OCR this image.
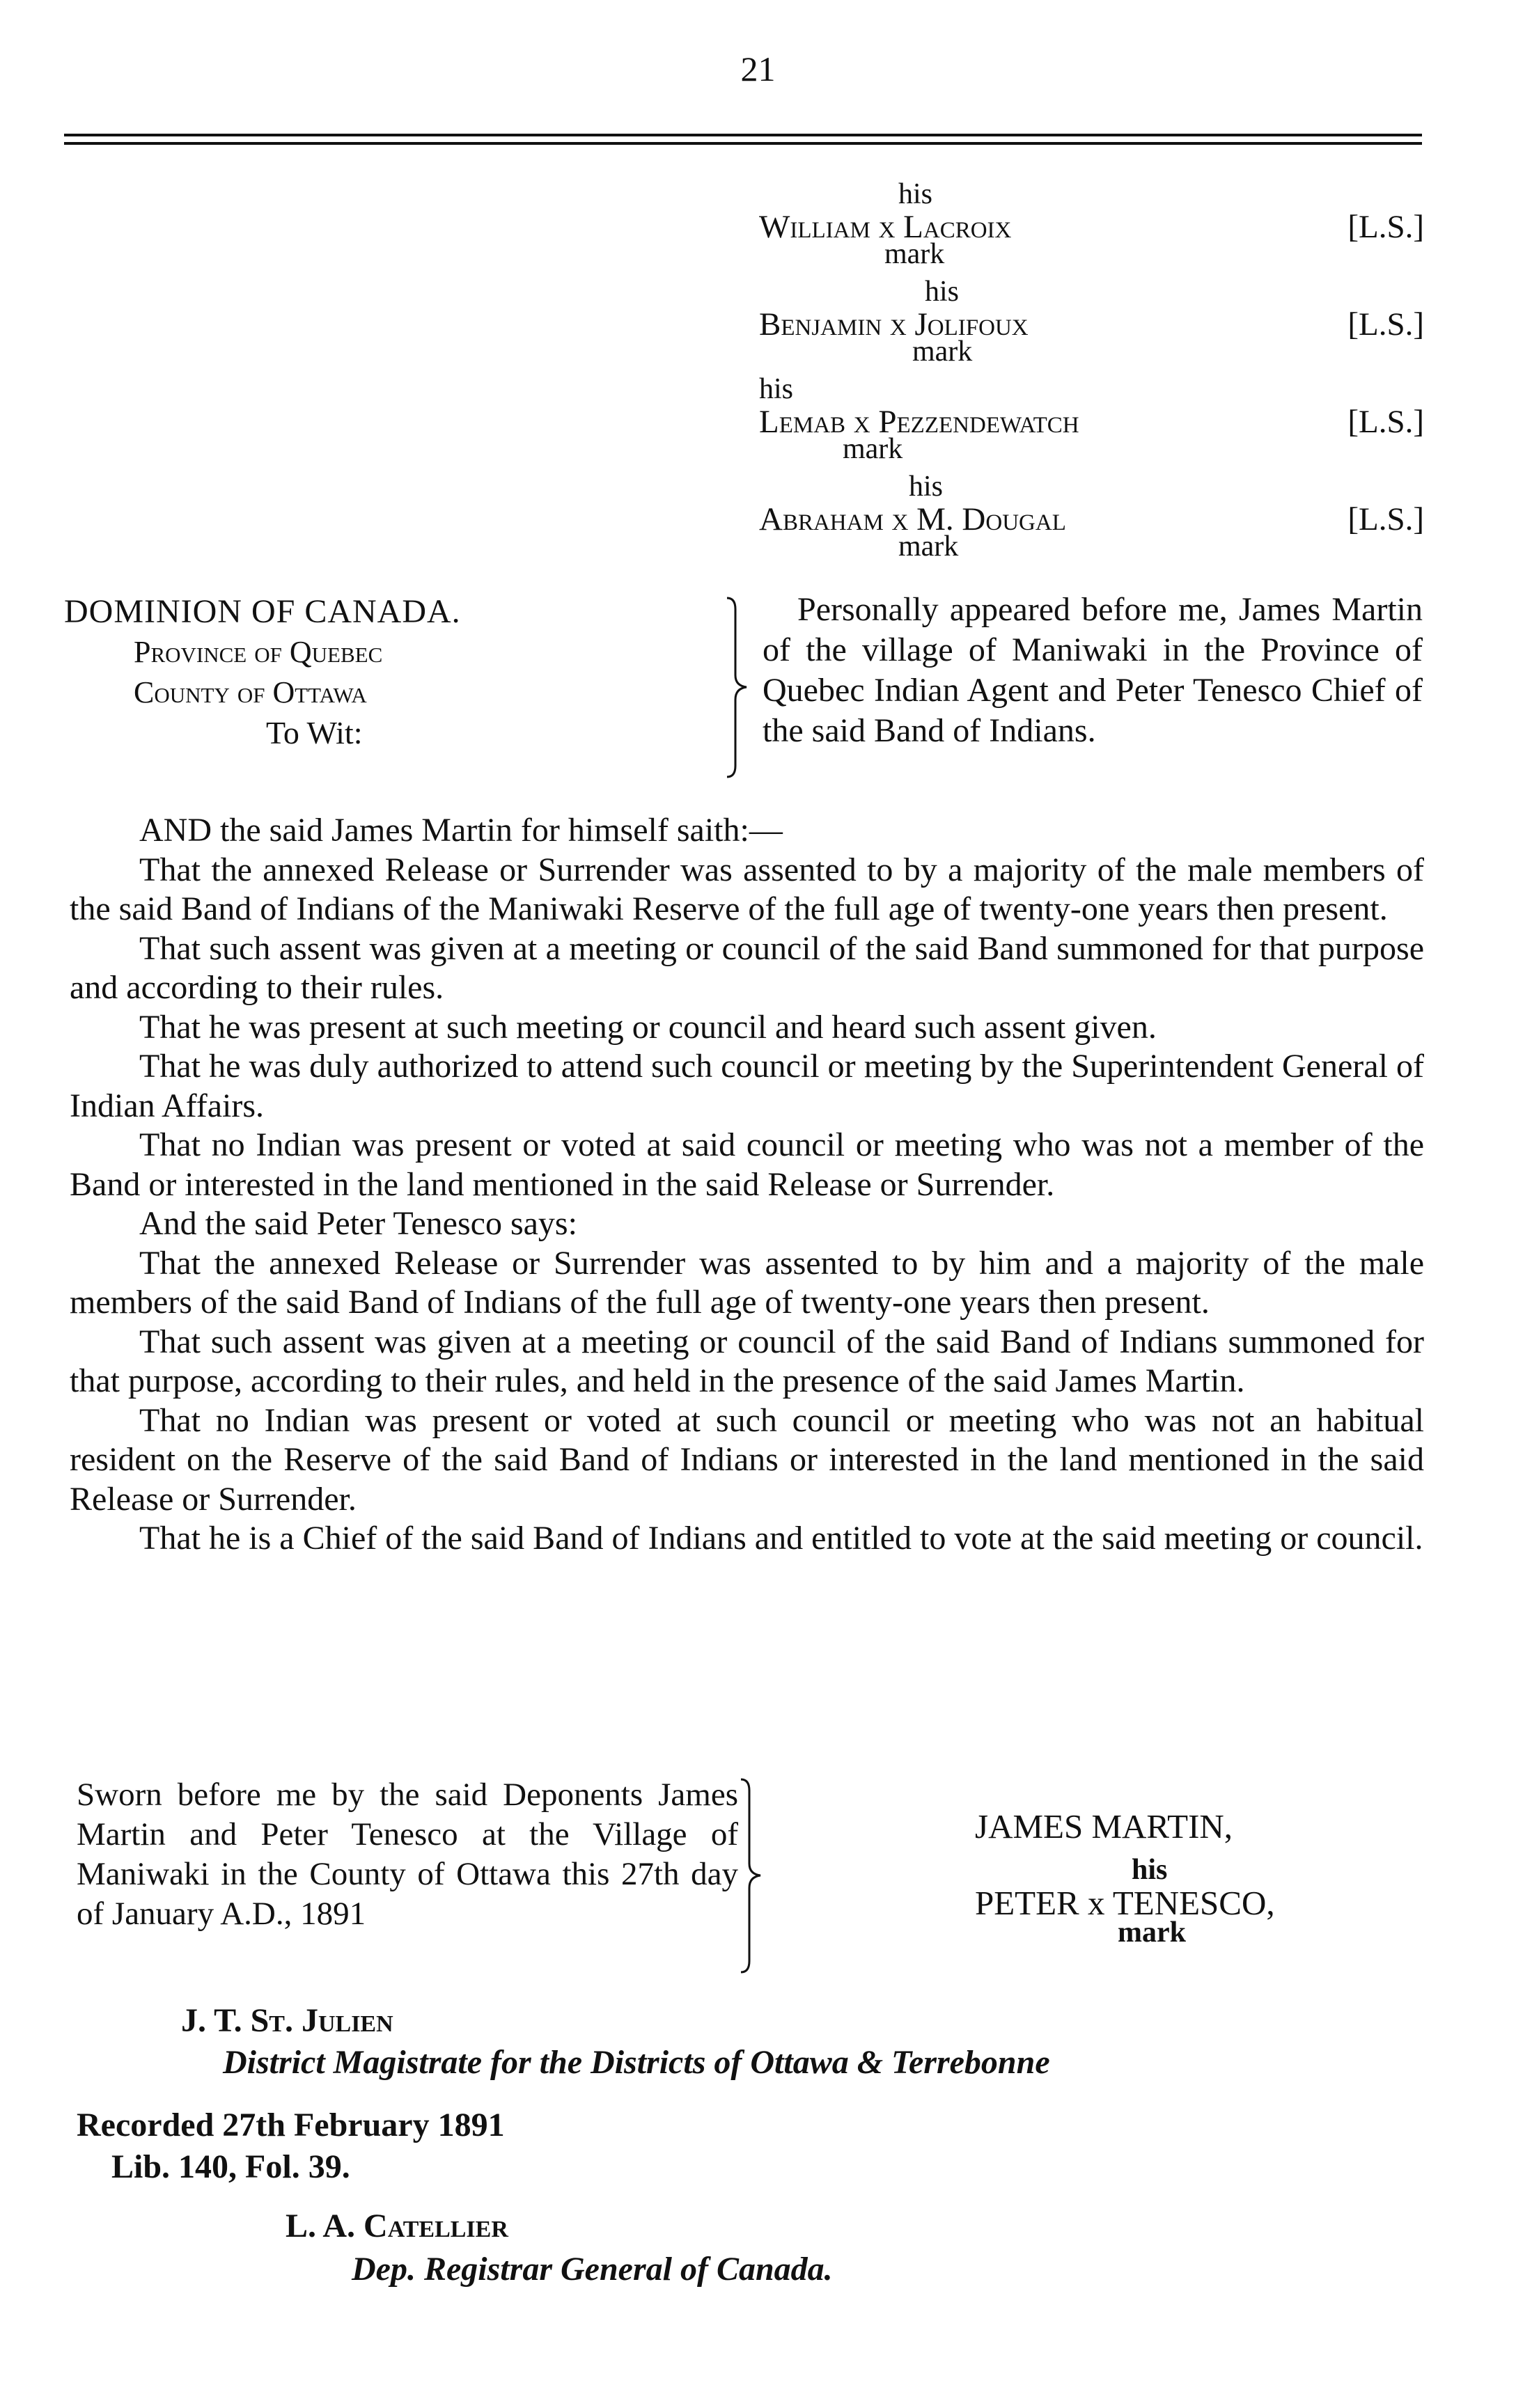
21
his
William x Lacroix	[L.S.]
mark
his
Benjamin x Jolifoux	[L.S.]
mark
his
Lemab x Pezzendewatch	[L.S.]
mark
his
Abraham x M. Dougal	[L.S.]
mark
DOMINION OF CANADA.
Province of Quebec
County of Ottawa
To Wit:
Personally appeared before me, James Martin of the village of Maniwaki in the Province of Quebec Indian Agent and Peter Tenesco Chief of the said Band of Indians.

AND the said James Martin for himself saith:—

That the annexed Release or Surrender was assented to by a majority of the male members of the said Band of Indians of the Maniwaki Reserve of the full age of twenty-one years then present.

That such assent was given at a meeting or council of the said Band summoned for that purpose and according to their rules.

That he was present at such meeting or council and heard such assent given.

That he was duly authorized to attend such council or meeting by the Superintendent General of Indian Affairs.

That no Indian was present or voted at said council or meeting who was not a member of the Band or interested in the land mentioned in the said Release or Surrender.

And the said Peter Tenesco says:

That the annexed Release or Surrender was assented to by him and a majority of the male members of the said Band of Indians of the full age of twenty-one years then present.

That such assent was given at a meeting or council of the said Band of Indians summoned for that purpose, according to their rules, and held in the presence of the said James Martin.

That no Indian was present or voted at such council or meeting who was not an habitual resident on the Reserve of the said Band of Indians or interested in the land mentioned in the said Release or Surrender.

That he is a Chief of the said Band of Indians and entitled to vote at the said meeting or council.

Sworn before me by the said Deponents James Martin and Peter Tenesco at the Village of Maniwaki in the County of Ottawa this 27th day of January A.D., 1891
JAMES MARTIN,
his
PETER x TENESCO,
mark
J. T. St. Julien
District Magistrate for the Districts of Ottawa & Terrebonne
Recorded 27th February 1891
Lib. 140, Fol. 39.
L. A. Catellier
Dep. Registrar General of Canada.
